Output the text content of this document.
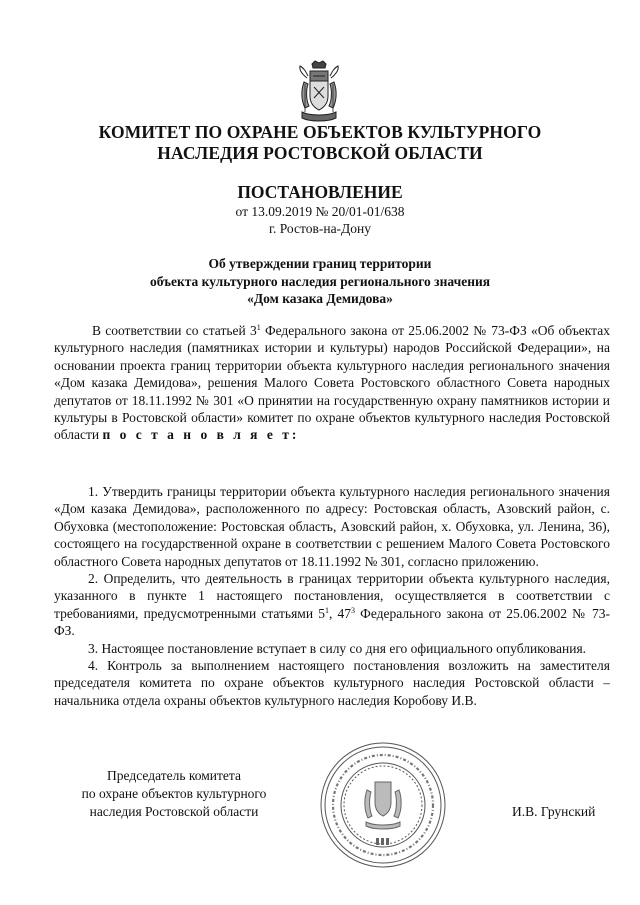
КОМИТЕТ ПО ОХРАНЕ ОБЪЕКТОВ КУЛЬТУРНОГО
НАСЛЕДИЯ РОСТОВСКОЙ ОБЛАСТИ
ПОСТАНОВЛЕНИЕ
от 13.09.2019 № 20/01-01/638
г. Ростов-на-Дону
Об утверждении границ территории
объекта культурного наследия регионального значения
«Дом казака Демидова»
В соответствии со статьей $3^1$ Федерального закона от 25.06.2002 № 73-ФЗ «Об объектах культурного наследия (памятниках истории и культуры) народов Российской Федерации», на основании проекта границ территории объекта культурного наследия регионального значения «Дом казака Демидова», решения Малого Совета Ростовского областного Совета народных депутатов от 18.11.1992 № 301 «О принятии на государственную охрану памятников истории и культуры в Ростовской области» комитет по охране объектов культурного наследия Ростовской области п о с т а н о в л я е т:
1. Утвердить границы территории объекта культурного наследия регионального значения «Дом казака Демидова», расположенного по адресу: Ростовская область, Азовский район, с. Обуховка (местоположение: Ростовская область, Азовский район, х. Обуховка, ул. Ленина, 36), состоящего на государственной охране в соответствии с решением Малого Совета Ростовского областного Совета народных депутатов от 18.11.1992 № 301, согласно приложению.
2. Определить, что деятельность в границах территории объекта культурного наследия, указанного в пункте 1 настоящего постановления, осуществляется в соответствии с требованиями, предусмотренными статьями $5^1$, $47^3$ Федерального закона от 25.06.2002 № 73-ФЗ.
3. Настоящее постановление вступает в силу со дня его официального опубликования.
4. Контроль за выполнением настоящего постановления возложить на заместителя председателя комитета по охране объектов культурного наследия Ростовской области – начальника отдела охраны объектов культурного наследия Коробову И.В.
Председатель комитета
по охране объектов культурного
наследия Ростовской области	И.В. Грунский
